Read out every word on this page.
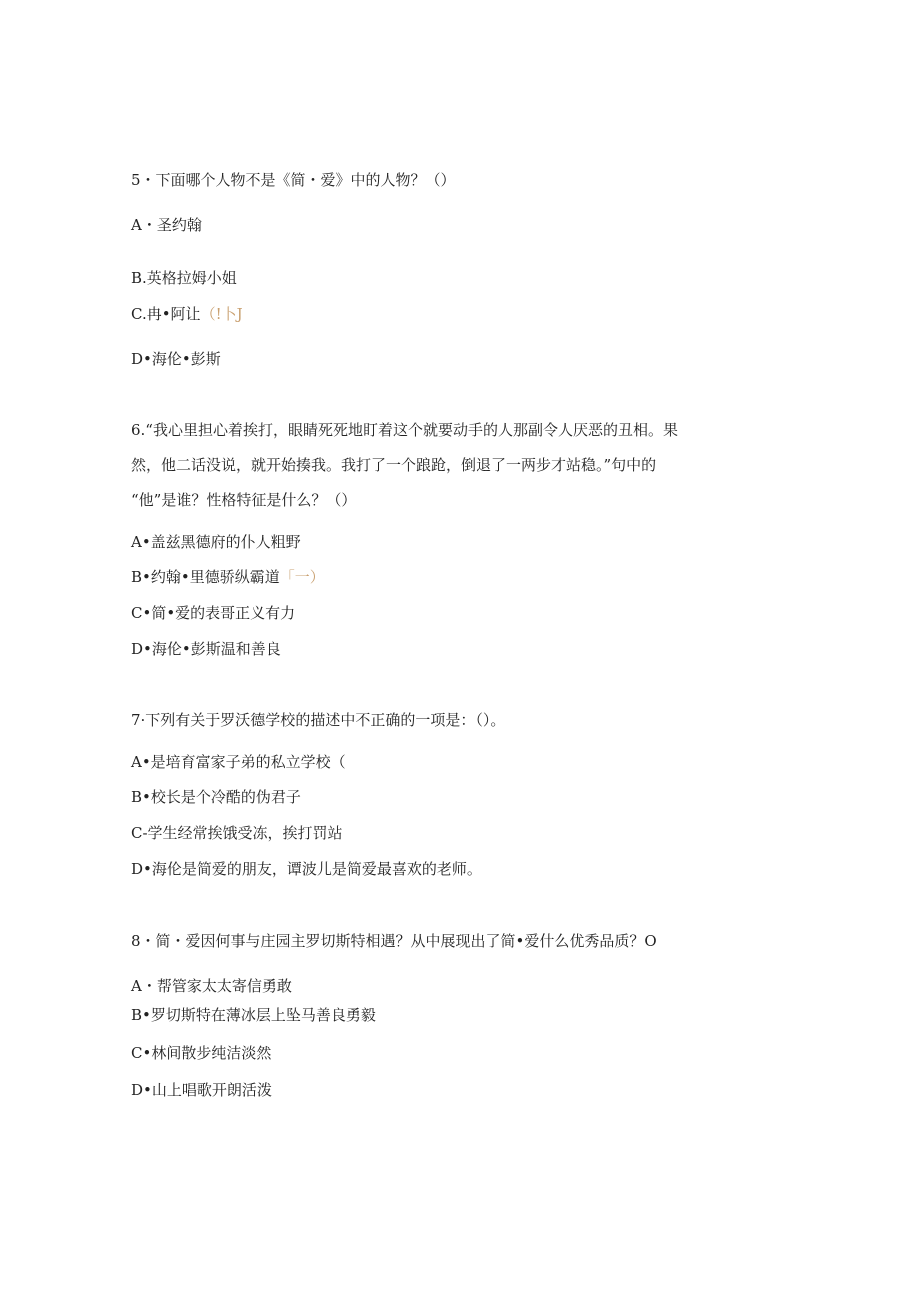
5・下面哪个人物不是《简・爱》中的人物？（）

A・圣约翰

B.英格拉姆小姐

C.冉•阿让（!卜J

D•海伦•彭斯

6.“我心里担心着挨打，眼睛死死地盯着这个就要动手的人那副令人厌恶的丑相。果

然，他二话没说，就开始揍我。我打了一个踉跄，倒退了一两步才站稳。”句中的

“他”是谁？性格特征是什么？（）

A•盖兹黑德府的仆人粗野

B•约翰•里德骄纵霸道「一）

C•简•爱的表哥正义有力

D•海伦•彭斯温和善良

7·下列有关于罗沃德学校的描述中不正确的一项是：（）。

A•是培育富家子弟的私立学校（

B•校长是个冷酷的伪君子

C-学生经常挨饿受冻，挨打罚站

D•海伦是简爱的朋友，谭波儿是简爱最喜欢的老师。

8・简・爱因何事与庄园主罗切斯特相遇？从中展现出了简•爱什么优秀品质？O

A・帮管家太太寄信勇敢

B•罗切斯特在薄冰层上坠马善良勇毅

C•林间散步纯洁淡然

D•山上唱歌开朗活泼
